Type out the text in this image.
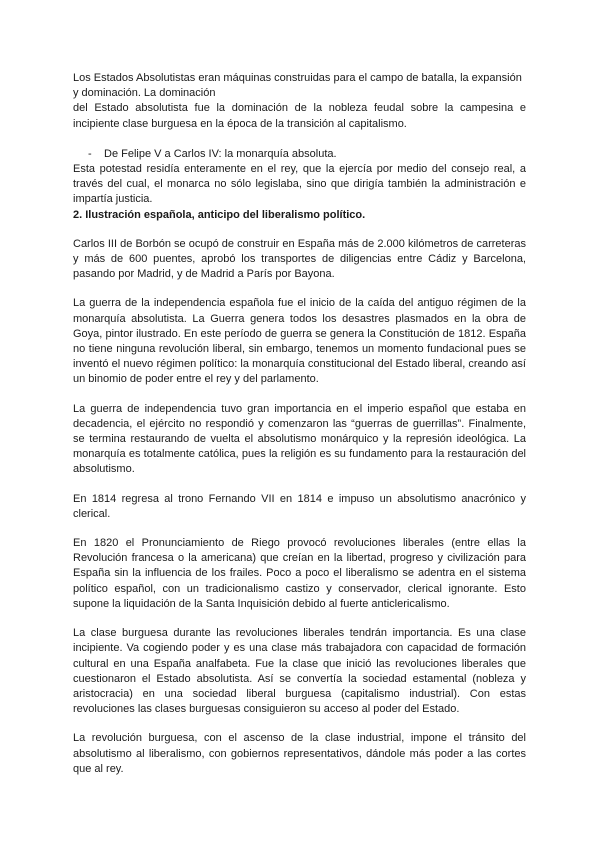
Los Estados Absolutistas eran máquinas construidas para el campo de batalla, la expansión y dominación. La dominación

del Estado absolutista fue la dominación de la nobleza feudal sobre la campesina e incipiente clase burguesa en la época de la transición al capitalismo.

-	De Felipe V a Carlos IV: la monarquía absoluta.

Esta potestad residía enteramente en el rey, que la ejercía por medio del consejo real, a través del cual, el monarca no sólo legislaba, sino que dirigía también la administración e impartía justicia.

2. Ilustración española, anticipo del liberalismo político.

Carlos III de Borbón se ocupó de construir en España más de 2.000 kilómetros de carreteras y más de 600 puentes, aprobó los transportes de diligencias entre Cádiz y Barcelona, pasando por Madrid, y de Madrid a París por Bayona.

La guerra de la independencia española fue el inicio de la caída del antiguo régimen de la monarquía absolutista. La Guerra genera todos los desastres plasmados en la obra de Goya, pintor ilustrado. En este período de guerra se genera la Constitución de 1812. España no tiene ninguna revolución liberal, sin embargo, tenemos un momento fundacional pues se inventó el nuevo régimen político: la monarquía constitucional del Estado liberal, creando así un binomio de poder entre el rey y del parlamento.

La guerra de independencia tuvo gran importancia en el imperio español que estaba en decadencia, el ejército no respondió y comenzaron las “guerras de guerrillas”. Finalmente, se termina restaurando de vuelta el absolutismo monárquico y la represión ideológica. La monarquía es totalmente católica, pues la religión es su fundamento para la restauración del absolutismo.

En 1814 regresa al trono Fernando VII en 1814 e impuso un absolutismo anacrónico y clerical.

En 1820 el Pronunciamiento de Riego provocó revoluciones liberales (entre ellas la Revolución francesa o la americana) que creían en la libertad, progreso y civilización para España sin la influencia de los frailes. Poco a poco el liberalismo se adentra en el sistema político español, con un tradicionalismo castizo y conservador, clerical ignorante. Esto supone la liquidación de la Santa Inquisición debido al fuerte anticlericalismo.

La clase burguesa durante las revoluciones liberales tendrán importancia. Es una clase incipiente. Va cogiendo poder y es una clase más trabajadora con capacidad de formación cultural en una España analfabeta. Fue la clase que inició las revoluciones liberales que cuestionaron el Estado absolutista. Así se convertía la sociedad estamental (nobleza y aristocracia) en una sociedad liberal burguesa (capitalismo industrial). Con estas revoluciones las clases burguesas consiguieron su acceso al poder del Estado.

La revolución burguesa, con el ascenso de la clase industrial, impone el tránsito del absolutismo al liberalismo, con gobiernos representativos, dándole más poder a las cortes que al rey.
